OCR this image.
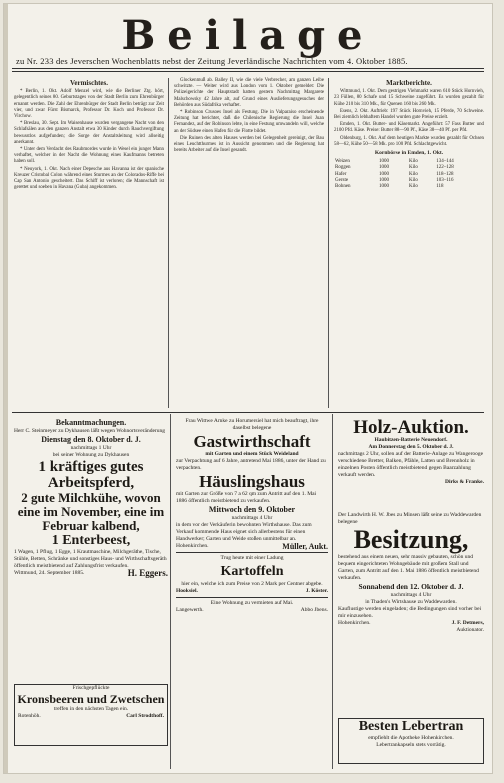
Beilage
zu Nr. 233 des Jeverschen Wochenblatts nebst der Zeitung Jeverländische Nachrichten vom 4. Oktober 1885.
Vermischtes.

* Berlin, 1. Okt. Adolf Menzel wird, wie die Berliner Ztg. hört, gelegentlich seines 80. Geburtstages von der Stadt Berlin zum Ehrenbürger ernannt werden. Die Zahl der Ehrenbürger der Stadt Berlin beträgt zur Zeit vier, und zwar Fürst Bismarck, Professor Dr. Koch und Professor Dr. Virchow.

* Breslau, 30. Sept. Im Waisenhause wurden vergangene Nacht von den Schlafsälen aus den ganzen Anstalt etwa 30 Kinder durch Rauchvergiftung bewusstlos aufgefunden; die Sorge der Anstaltsleitung wird allseitig anerkannt.

* Unter dem Verdacht des Raubmordes wurde in Wesel ein junger Mann verhaftet, welcher in der Nacht die Wohnung eines Kaufmanns betreten haben soll.

* Neuyork, 1. Okt. Nach einer Depesche aus Havanna ist der spanische Kreuzer Cristobal Colon während eines Sturmes an der Colorados-Riffe bei Cap San Antonio gescheitert. Das Schiff ist verloren; die Mannschaft ist gerettet und soeben in Havana (Guba) angekommen.

Glockenmuß ab. Balley II, wie die viele Verbrecher, am ganzen Leibe schwitzte. — Weiter wird aus London vom 1. Oktober gemeldet: Die Polizeigerichte der Hauptstadt hatten gestern Nachmittag Margarete Malschowsky 42 Jahre alt, auf Grund eines Auslieferungsgesuches der Behörden aus Südafrika verhaftet.

* Robinson Crusoes Insel als Festung. Die in Valparaiso erscheinende Zeitung hat berichtet, daß die Chilenische Regierung die Insel Juan Fernandez, auf der Robinson lebte, in eine Festung umwandeln will, welche an der Südsee einen Hafen für die Flotte bildet.

Die Ruinen des alten Hauses werden bei Gelegenheit gereinigt, der Bau eines Leuchtthurmes ist in Aussicht genommen und die Regierung hat bereits Arbeiter auf die Insel gesandt.

Marktberichte.

Wittmund, 1. Okt. Dem gestrigen Viehmarkt waren 610 Stück Hornvieh, 23 Füllen, 80 Schafe und 15 Schweine zugeführt. Es wurden gezahlt für Kühe 210 bis 310 Mk., für Quenen 160 bis 260 Mk.

Esens, 2. Okt. Auftrieb: 197 Stück Hornvieh, 15 Pferde, 70 Schweine. Bei ziemlich lebhaftem Handel wurden gute Preise erzielt.

Emden, 1. Okt. Butter- und Käsemarkt. Angeführt: 57 Fass Butter und 2100 Pfd. Käse. Preise: Butter 88—90 Pf., Käse 38—40 Pf. per Pfd.

Oldenburg, 1. Okt. Auf dem heutigen Markte wurden gezahlt für Ochsen 58—62, Kühe 50—58 Mk. pro 100 Pfd. Schlachtgewicht.

Kornbörse in Emden, 1. Okt.
Weizen	1000	Kilo	134–144
Roggen	1000	Kilo	122–128
Hafer	1000	Kilo	118–128
Gerste	1000	Kilo	103–116
Bohnen	1000	Kilo	118
Bekanntmachungen.
Herr C. Steinmeyer zu Dykhausen läßt wegen Wohnortsveränderung
Dienstag den 8. Oktober d. J.
nachmittags 1 Uhr
bei seiner Wohnung zu Dykhausen
1 kräftiges gutes Arbeitspferd,
2 gute Milchkühe, wovon eine im November, eine im Februar kalbend,
1 Enterbeest,
1 Wagen, 1 Pflug, 1 Egge, 1 Krautmaschine, Milchgeräthe, Tische, Stühle, Betten, Schränke und sonstiges Haus- und Wirthschaftsgeräth öffentlich meistbietend auf Zahlungsfrist verkaufen.
Wittmund, 24. September 1885.	H. Eggers.
Frischgepflückte
Kronsbeeren und Zwetschen
treffen in den nächsten Tagen ein.
Rotenhöh.	Carl Strodthoff.
Frau Wittwe Arnke zu Horumersiel hat mich beauftragt, ihre daselbst belegene
Gastwirthschaft
mit Garten und einem Stück Weideland
zur Verpachtung auf 6 Jahre, antretend Mai 1886, unter der Hand zu verpachten.
Häuslingshaus
mit Garten zur Größe von 7 a 62 qm zum Antritt auf den 1. Mai 1886 öffentlich meistbietend zu verkaufen.
Mittwoch den 9. Oktober
nachmittags 4 Uhr
in dem vor der Verkäuferin bewohnten Wirthshause. Das zum Verkauf kommende Haus eignet sich allerbestens für einen Handwerker; Garten und Weide stoßen unmittelbar an.
Hohenkirchen.	Müller, Aukt.
Trug heute mit einer Ladung
Kartoffeln
hier ein, welche ich zum Preise von 2 Mark per Centner abgebe.
Hooksiel.	J. Köster.
Eine Wohnung zu vermieten auf Mai.
Langewerth.	Abbo Jbens.
Holz-Auktion.
Haubitzen-Batterie Neuendorf.
Am Donnerstag den 5. Oktober d. J.
nachmittags 2 Uhr, sollen auf der Batterie-Anlage zu Wangerooge verschiedene Bretter, Balken, Pfähle, Latten und Brennholz in einzelnen Posten öffentlich meistbietend gegen Baarzahlung verkauft werden.
Dirks & Franke.
Der Landwirth H. W. Jbes zu Minsen läßt seine zu Waddewarden belegene
Besitzung,
bestehend aus einem neuen, sehr massiv gebauten, schön und bequem eingerichteten Wohngebäude mit großem Stall und Garten, zum Antritt auf den 1. Mai 1886 öffentlich meistbietend verkaufen.
Sonnabend den 12. Oktober d. J.
nachmittags 4 Uhr
in Thaden's Wirtshause zu Waddewarden.
Kauflustige werden eingeladen; die Bedingungen sind vorher bei mir einzusehen.
Hohenkirchen.	J. F. Detmers,
Auktionator.
Besten Lebertran
empfiehlt die Apotheke Hohenkirchen.
Lebertrankapseln stets vorrätig.
